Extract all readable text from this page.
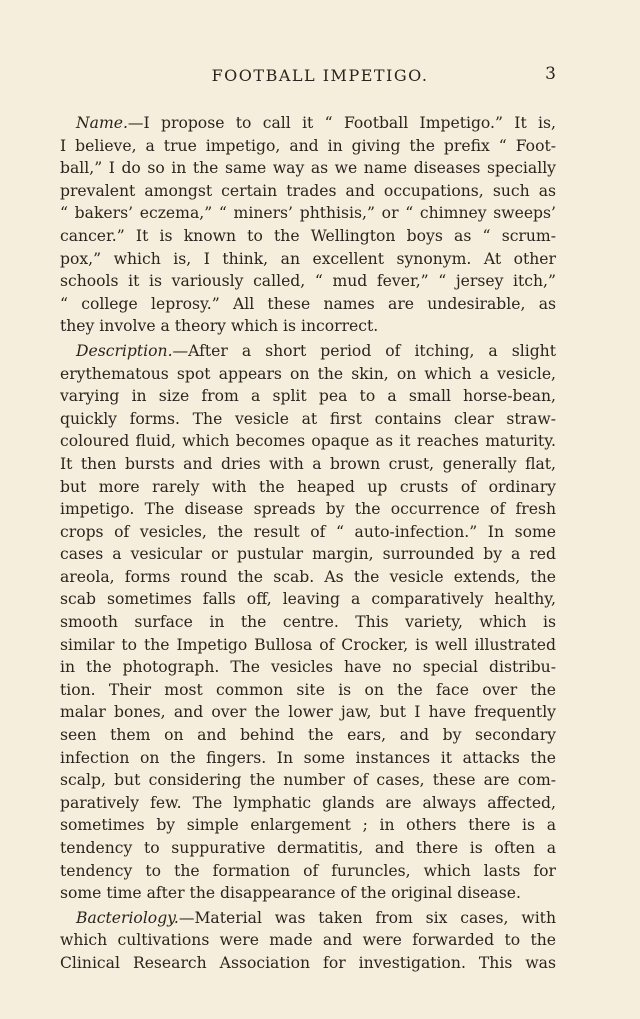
FOOTBALL IMPETIGO.	3
Name.—I propose to call it “ Football Impetigo.” It is,
I believe, a true impetigo, and in giving the prefix “ Foot-
ball,” I do so in the same way as we name diseases specially
prevalent amongst certain trades and occupations, such as
“ bakers’ eczema,” “ miners’ phthisis,” or “ chimney sweeps’
cancer.” It is known to the Wellington boys as “ scrum-
pox,” which is, I think, an excellent synonym. At other
schools it is variously called, “ mud fever,” “ jersey itch,”
“ college leprosy.” All these names are undesirable, as
they involve a theory which is incorrect.
Description.—After a short period of itching, a slight
erythematous spot appears on the skin, on which a vesicle,
varying in size from a split pea to a small horse-bean,
quickly forms. The vesicle at first contains clear straw-
coloured fluid, which becomes opaque as it reaches maturity.
It then bursts and dries with a brown crust, generally flat,
but more rarely with the heaped up crusts of ordinary
impetigo. The disease spreads by the occurrence of fresh
crops of vesicles, the result of “ auto-infection.” In some
cases a vesicular or pustular margin, surrounded by a red
areola, forms round the scab. As the vesicle extends, the
scab sometimes falls off, leaving a comparatively healthy,
smooth surface in the centre. This variety, which is
similar to the Impetigo Bullosa of Crocker, is well illustrated
in the photograph. The vesicles have no special distribu-
tion. Their most common site is on the face over the
malar bones, and over the lower jaw, but I have frequently
seen them on and behind the ears, and by secondary
infection on the fingers. In some instances it attacks the
scalp, but considering the number of cases, these are com-
paratively few. The lymphatic glands are always affected,
sometimes by simple enlargement ; in others there is a
tendency to suppurative dermatitis, and there is often a
tendency to the formation of furuncles, which lasts for
some time after the disappearance of the original disease.
Bacteriology.—Material was taken from six cases, with
which cultivations were made and were forwarded to the
Clinical Research Association for investigation. This was
